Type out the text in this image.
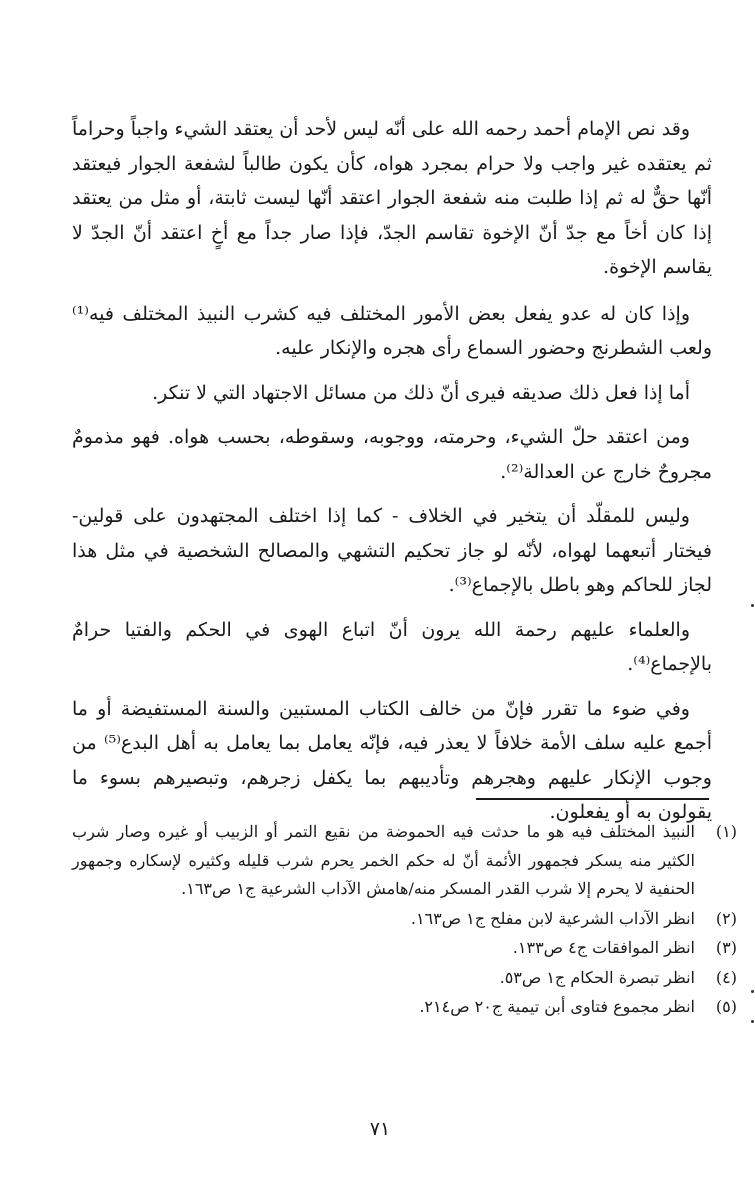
وقد نص الإمام أحمد رحمه الله على أنّه ليس لأحد أن يعتقد الشيء واجباً وحراماً ثم يعتقده غير واجب ولا حرام بمجرد هواه، كأن يكون طالباً لشفعة الجوار فيعتقد أنّها حقٌّ له ثم إذا طلبت منه شفعة الجوار اعتقد أنّها ليست ثابتة، أو مثل من يعتقد إذا كان أخاً مع جدّ أنّ الإخوة تقاسم الجدّ، فإذا صار جداً مع أخٍ اعتقد أنّ الجدّ لا يقاسم الإخوة.

وإذا كان له عدو يفعل بعض الأمور المختلف فيه كشرب النبيذ المختلف فيه⁽¹⁾ ولعب الشطرنج وحضور السماع رأى هجره والإنكار عليه.

أما إذا فعل ذلك صديقه فيرى أنّ ذلك من مسائل الاجتهاد التي لا تنكر.

ومن اعتقد حلّ الشيء، وحرمته، ووجوبه، وسقوطه، بحسب هواه. فهو مذمومٌ مجروحٌ خارج عن العدالة⁽²⁾.

وليس للمقلّد أن يتخير في الخلاف - كما إذا اختلف المجتهدون على قولين- فيختار أتبعهما لهواه، لأنّه لو جاز تحكيم التشهي والمصالح الشخصية في مثل هذا لجاز للحاكم وهو باطل بالإجماع⁽³⁾.

والعلماء عليهم رحمة الله يرون أنّ اتباع الهوى في الحكم والفتيا حرامٌ بالإجماع⁽⁴⁾.

وفي ضوء ما تقرر فإنّ من خالف الكتاب المستبين والسنة المستفيضة أو ما أجمع عليه سلف الأمة خلافاً لا يعذر فيه، فإنّه يعامل بما يعامل به أهل البدع⁽⁵⁾ من وجوب الإنكار عليهم وهجرهم وتأديبهم بما يكفل زجرهم، وتبصيرهم بسوء ما يقولون به أو يفعلون.

(١)
النبيذ المختلف فيه هو ما حدثت فيه الحموضة من نقيع التمر أو الزبيب أو غيره وصار شرب الكثير منه يسكر فجمهور الأئمة أنّ له حكم الخمر يحرم شرب قليله وكثيره لإسكاره وجمهور الحنفية لا يحرم إلا شرب القدر المسكر منه/هامش الآداب الشرعية ج١ ص١٦٣.
(٢)
انظر الآداب الشرعية لابن مفلح ج١ ص١٦٣.
(٣)
انظر الموافقات ج٤ ص١٣٣.
(٤)
انظر تبصرة الحكام ج١ ص٥٣.
(٥)
انظر مجموع فتاوى أبن تيمية ج٢٠ ص٢١٤.
٧١
